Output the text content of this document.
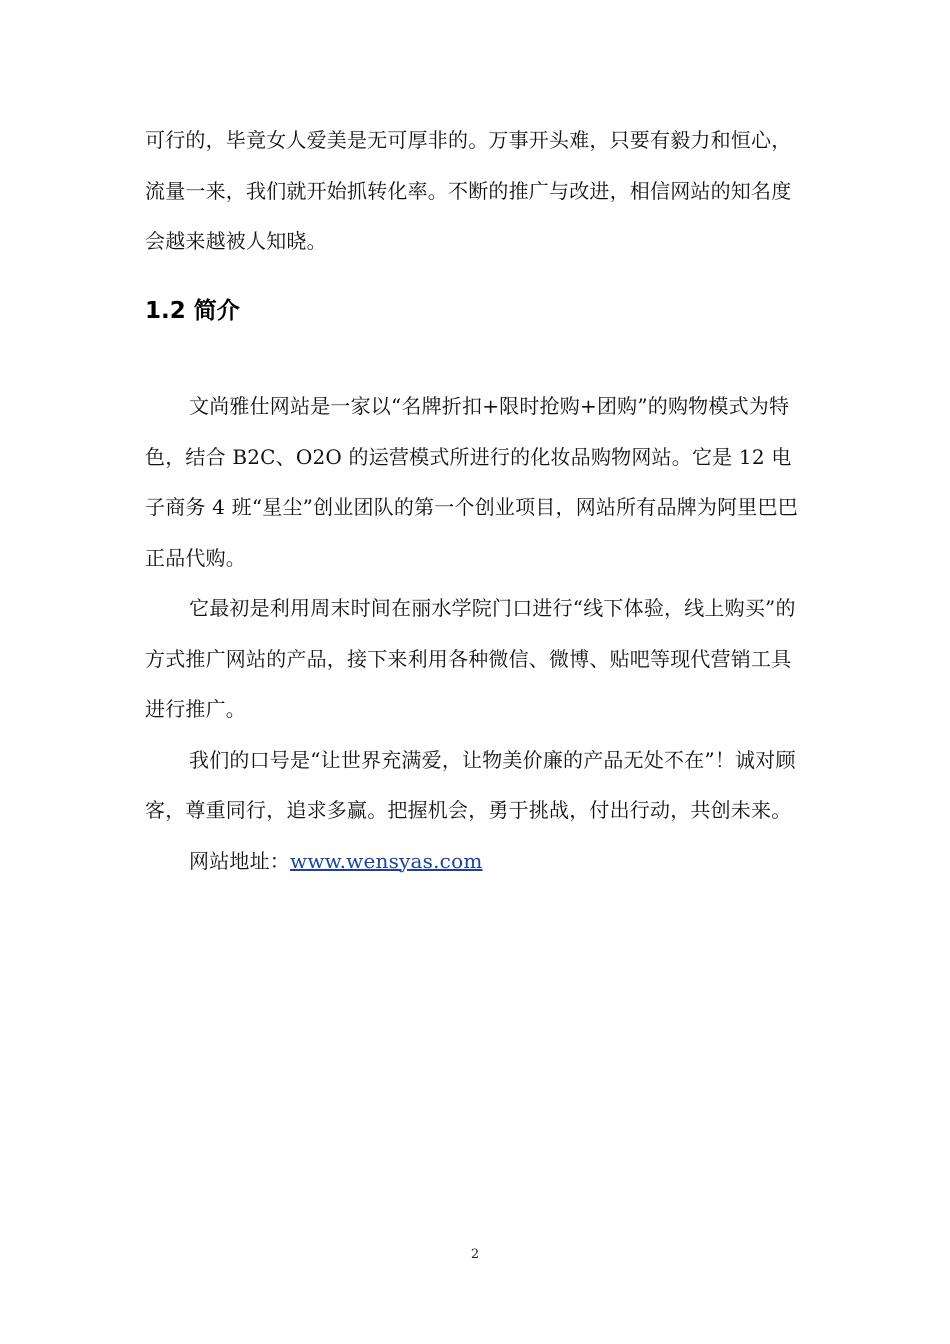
可行的，毕竟女人爱美是无可厚非的。万事开头难，只要有毅力和恒心，流量一来，我们就开始抓转化率。不断的推广与改进，相信网站的知名度会越来越被人知晓。

1.2 简介

文尚雅仕网站是一家以“名牌折扣+限时抢购+团购”的购物模式为特色，结合 B2C、O2O 的运营模式所进行的化妆品购物网站。它是 12 电子商务 4 班“星尘”创业团队的第一个创业项目，网站所有品牌为阿里巴巴正品代购。

它最初是利用周末时间在丽水学院门口进行“线下体验，线上购买”的方式推广网站的产品，接下来利用各种微信、微博、贴吧等现代营销工具进行推广。

我们的口号是“让世界充满爱，让物美价廉的产品无处不在”！诚对顾客，尊重同行，追求多赢。把握机会，勇于挑战，付出行动，共创未来。

网站地址：www.wensyas.com

2
